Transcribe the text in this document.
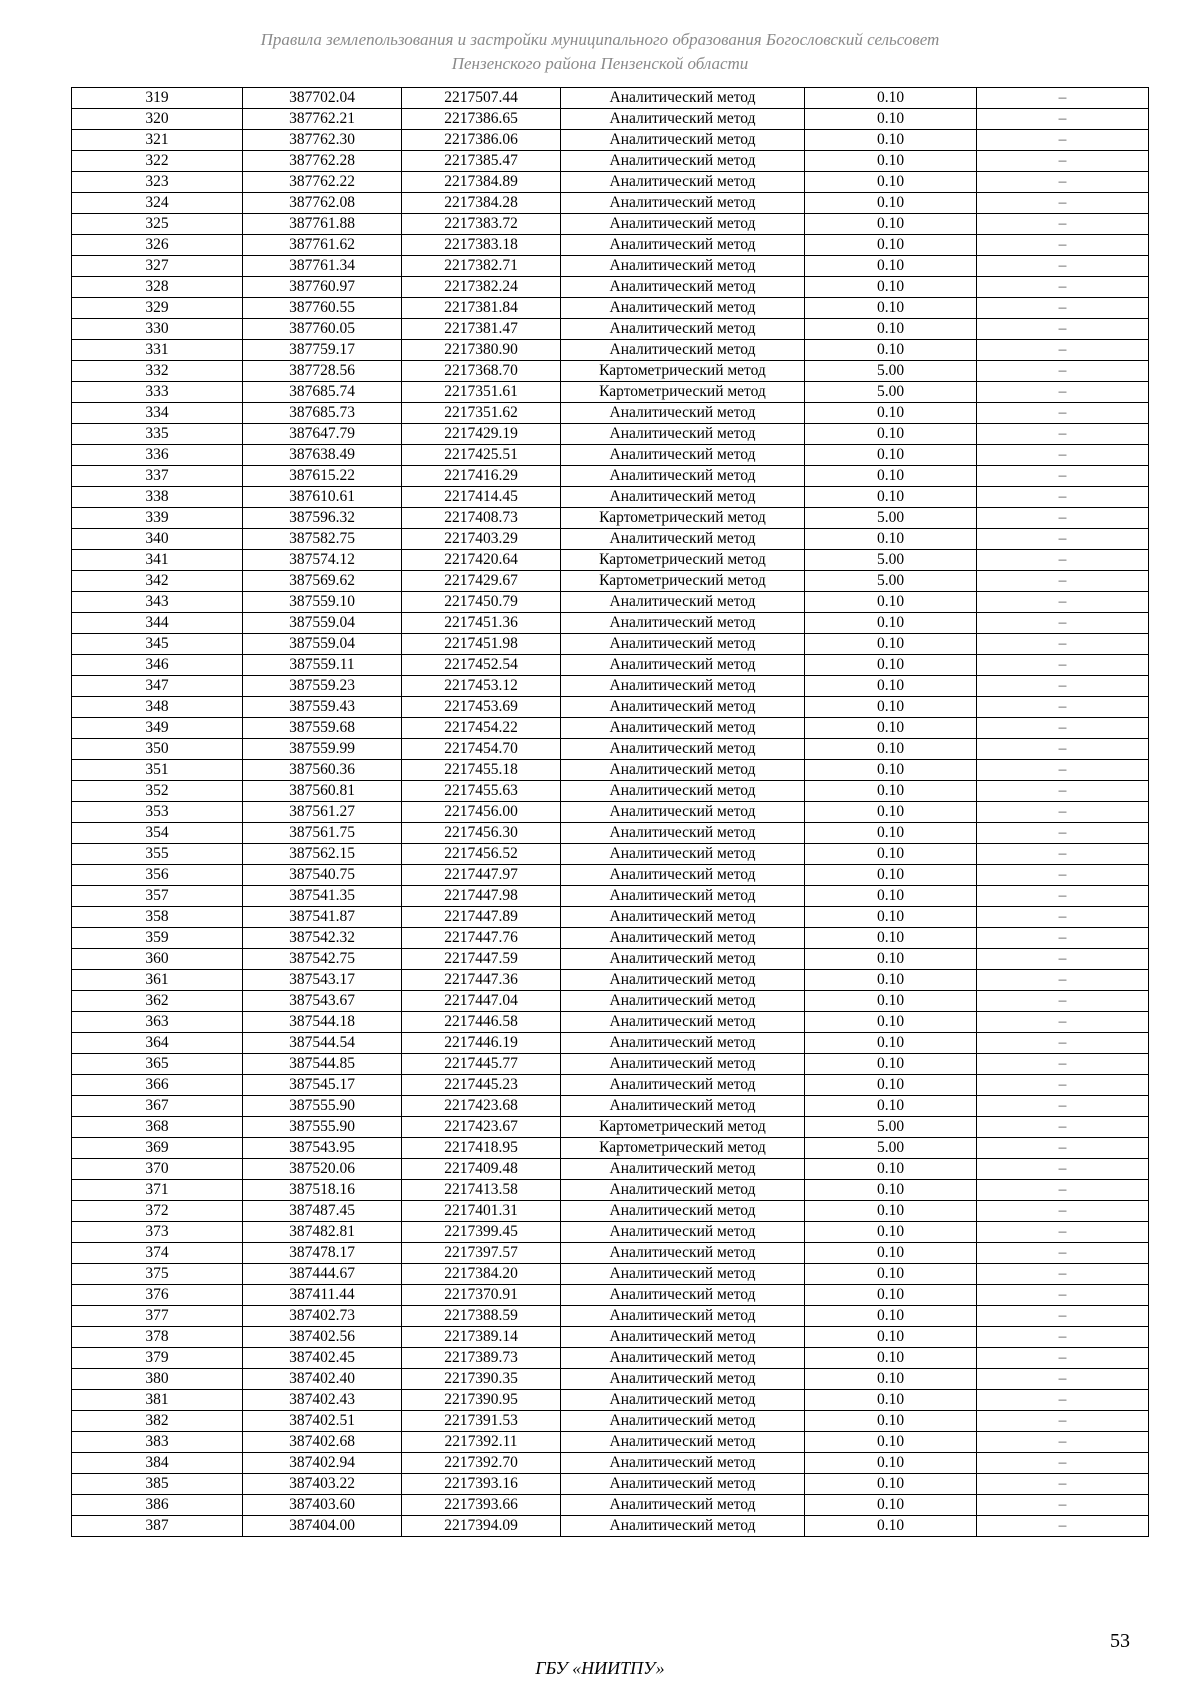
Правила землепользования и застройки муниципального образования Богословский сельсовет
Пензенского района Пензенской области
319	387702.04	2217507.44	Аналитический метод	0.10	–
320	387762.21	2217386.65	Аналитический метод	0.10	–
321	387762.30	2217386.06	Аналитический метод	0.10	–
322	387762.28	2217385.47	Аналитический метод	0.10	–
323	387762.22	2217384.89	Аналитический метод	0.10	–
324	387762.08	2217384.28	Аналитический метод	0.10	–
325	387761.88	2217383.72	Аналитический метод	0.10	–
326	387761.62	2217383.18	Аналитический метод	0.10	–
327	387761.34	2217382.71	Аналитический метод	0.10	–
328	387760.97	2217382.24	Аналитический метод	0.10	–
329	387760.55	2217381.84	Аналитический метод	0.10	–
330	387760.05	2217381.47	Аналитический метод	0.10	–
331	387759.17	2217380.90	Аналитический метод	0.10	–
332	387728.56	2217368.70	Картометрический метод	5.00	–
333	387685.74	2217351.61	Картометрический метод	5.00	–
334	387685.73	2217351.62	Аналитический метод	0.10	–
335	387647.79	2217429.19	Аналитический метод	0.10	–
336	387638.49	2217425.51	Аналитический метод	0.10	–
337	387615.22	2217416.29	Аналитический метод	0.10	–
338	387610.61	2217414.45	Аналитический метод	0.10	–
339	387596.32	2217408.73	Картометрический метод	5.00	–
340	387582.75	2217403.29	Аналитический метод	0.10	–
341	387574.12	2217420.64	Картометрический метод	5.00	–
342	387569.62	2217429.67	Картометрический метод	5.00	–
343	387559.10	2217450.79	Аналитический метод	0.10	–
344	387559.04	2217451.36	Аналитический метод	0.10	–
345	387559.04	2217451.98	Аналитический метод	0.10	–
346	387559.11	2217452.54	Аналитический метод	0.10	–
347	387559.23	2217453.12	Аналитический метод	0.10	–
348	387559.43	2217453.69	Аналитический метод	0.10	–
349	387559.68	2217454.22	Аналитический метод	0.10	–
350	387559.99	2217454.70	Аналитический метод	0.10	–
351	387560.36	2217455.18	Аналитический метод	0.10	–
352	387560.81	2217455.63	Аналитический метод	0.10	–
353	387561.27	2217456.00	Аналитический метод	0.10	–
354	387561.75	2217456.30	Аналитический метод	0.10	–
355	387562.15	2217456.52	Аналитический метод	0.10	–
356	387540.75	2217447.97	Аналитический метод	0.10	–
357	387541.35	2217447.98	Аналитический метод	0.10	–
358	387541.87	2217447.89	Аналитический метод	0.10	–
359	387542.32	2217447.76	Аналитический метод	0.10	–
360	387542.75	2217447.59	Аналитический метод	0.10	–
361	387543.17	2217447.36	Аналитический метод	0.10	–
362	387543.67	2217447.04	Аналитический метод	0.10	–
363	387544.18	2217446.58	Аналитический метод	0.10	–
364	387544.54	2217446.19	Аналитический метод	0.10	–
365	387544.85	2217445.77	Аналитический метод	0.10	–
366	387545.17	2217445.23	Аналитический метод	0.10	–
367	387555.90	2217423.68	Аналитический метод	0.10	–
368	387555.90	2217423.67	Картометрический метод	5.00	–
369	387543.95	2217418.95	Картометрический метод	5.00	–
370	387520.06	2217409.48	Аналитический метод	0.10	–
371	387518.16	2217413.58	Аналитический метод	0.10	–
372	387487.45	2217401.31	Аналитический метод	0.10	–
373	387482.81	2217399.45	Аналитический метод	0.10	–
374	387478.17	2217397.57	Аналитический метод	0.10	–
375	387444.67	2217384.20	Аналитический метод	0.10	–
376	387411.44	2217370.91	Аналитический метод	0.10	–
377	387402.73	2217388.59	Аналитический метод	0.10	–
378	387402.56	2217389.14	Аналитический метод	0.10	–
379	387402.45	2217389.73	Аналитический метод	0.10	–
380	387402.40	2217390.35	Аналитический метод	0.10	–
381	387402.43	2217390.95	Аналитический метод	0.10	–
382	387402.51	2217391.53	Аналитический метод	0.10	–
383	387402.68	2217392.11	Аналитический метод	0.10	–
384	387402.94	2217392.70	Аналитический метод	0.10	–
385	387403.22	2217393.16	Аналитический метод	0.10	–
386	387403.60	2217393.66	Аналитический метод	0.10	–
387	387404.00	2217394.09	Аналитический метод	0.10	–
53
ГБУ «НИИТПУ»
